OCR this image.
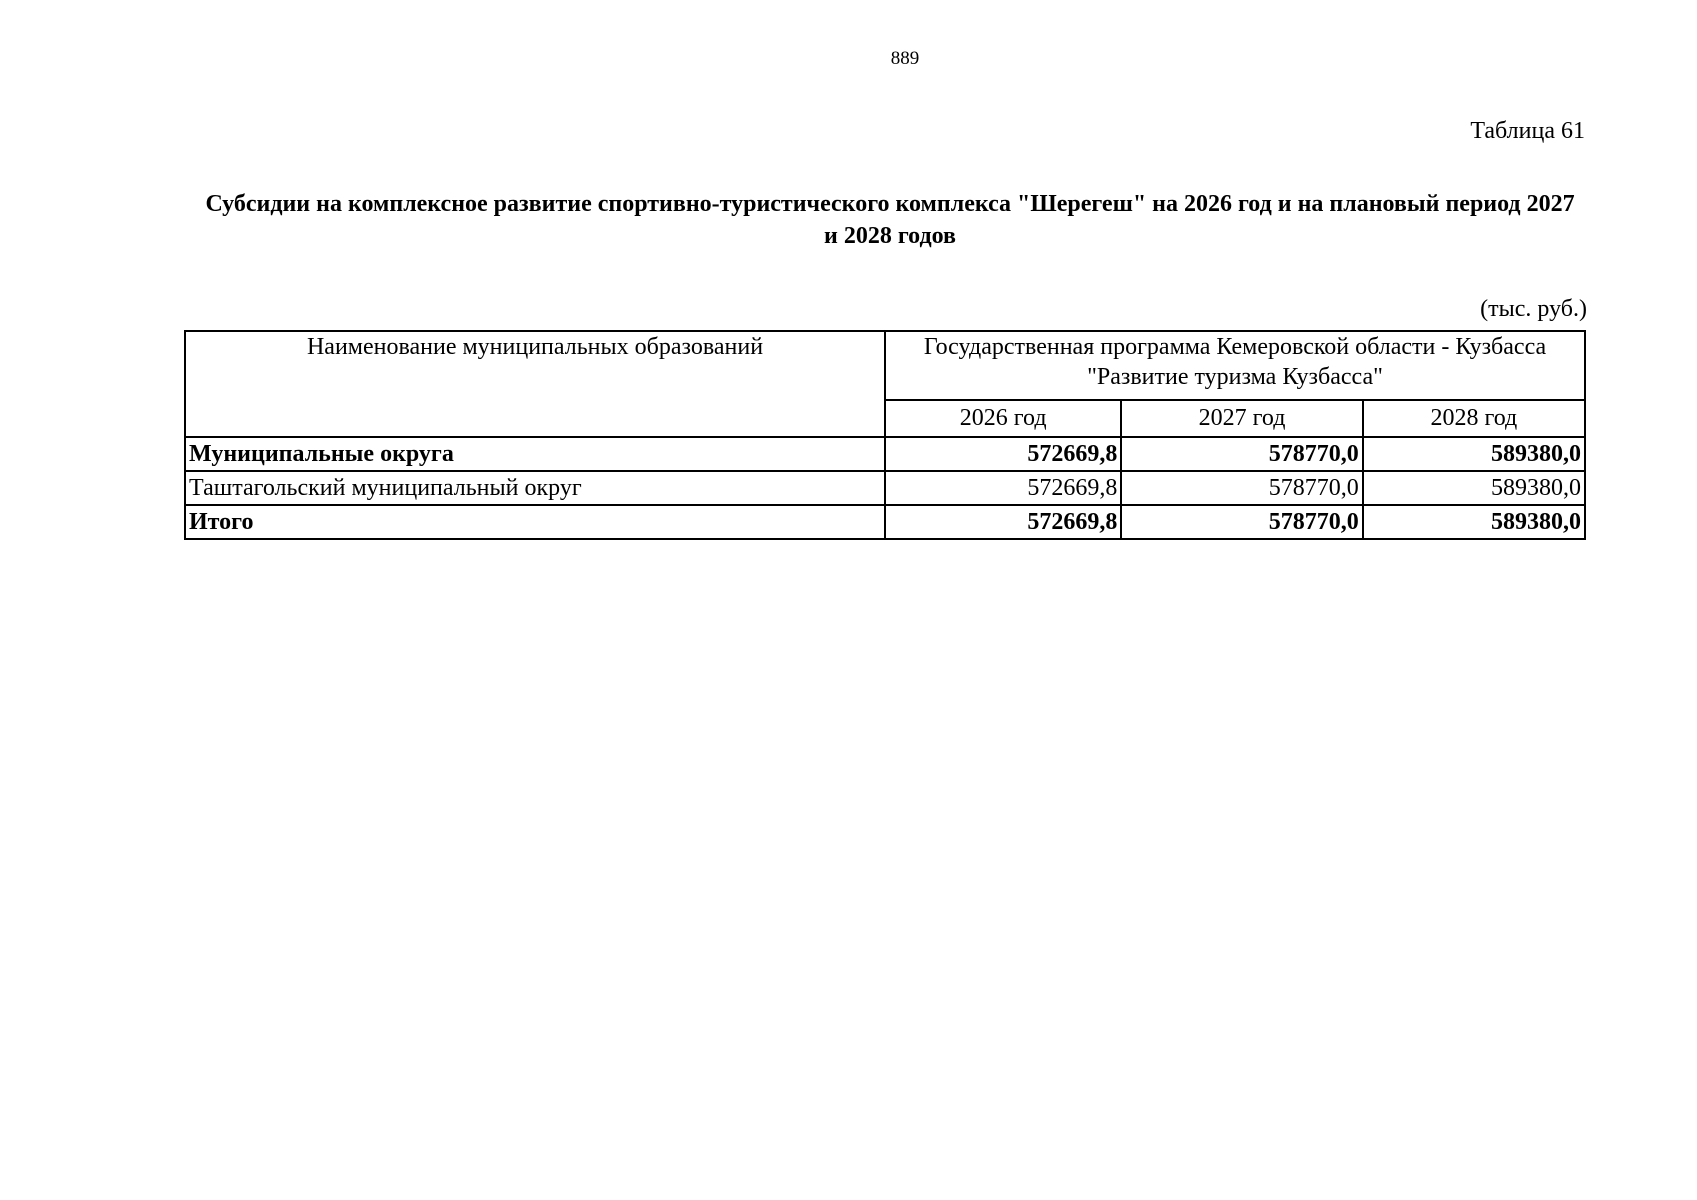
889
Таблица 61
Субсидии на комплексное развитие спортивно-туристического комплекса "Шерегеш" на 2026 год и на плановый период 2027 и 2028 годов
(тыс. руб.)
Наименование муниципальных образований	Государственная программа Кемеровской области - Кузбасса "Развитие туризма Кузбасса"		
	2026 год	2027 год	2028 год
Муниципальные округа	572669,8	578770,0	589380,0
Таштагольский муниципальный округ	572669,8	578770,0	589380,0
Итого	572669,8	578770,0	589380,0
